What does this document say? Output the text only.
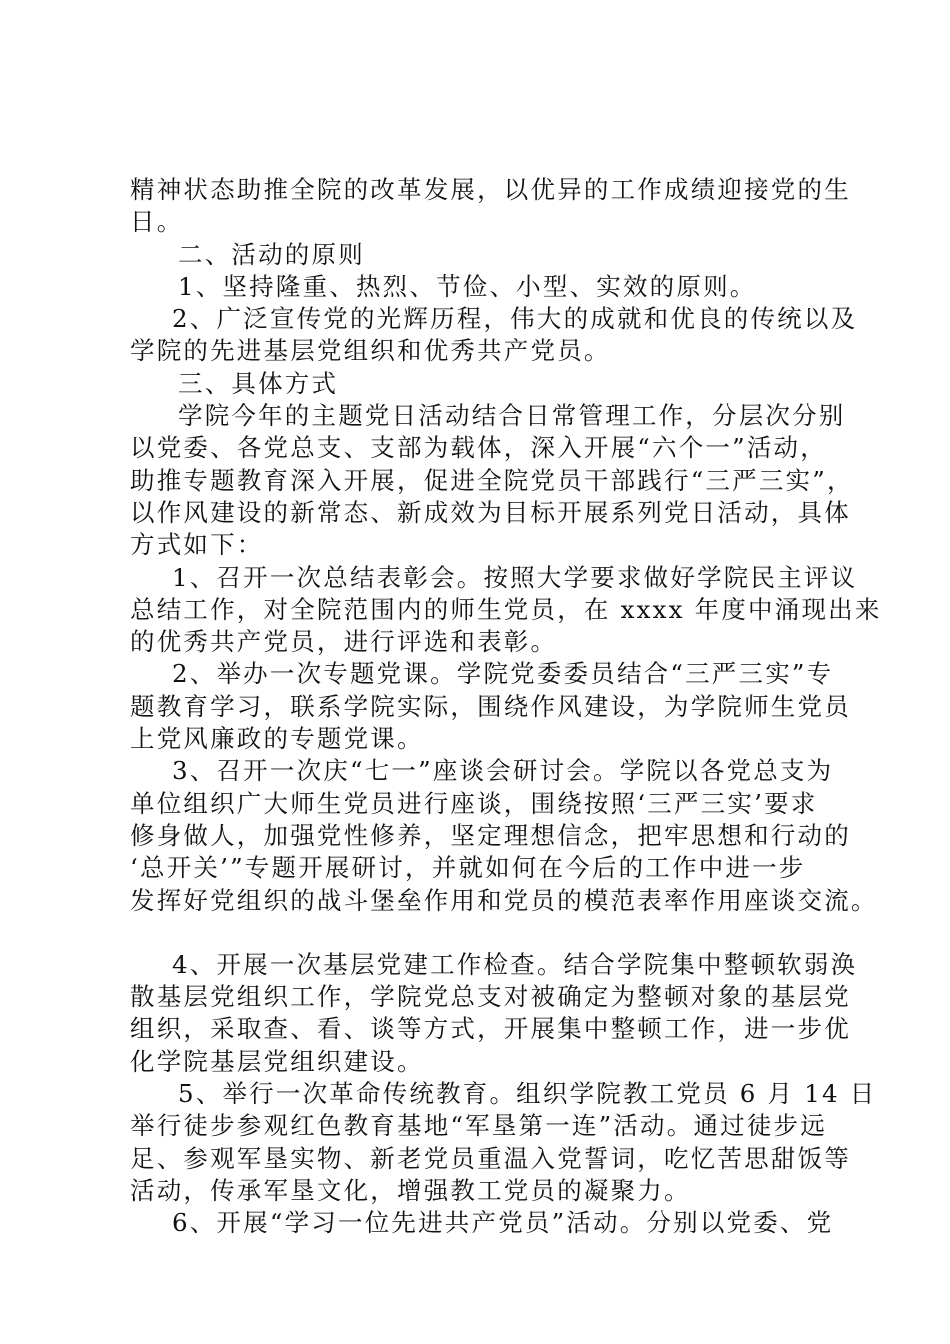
精神状态助推全院的改革发展，以优异的工作成绩迎接党的生
日。
二、活动的原则
1、坚持隆重、热烈、节俭、小型、实效的原则。
2、广泛宣传党的光辉历程，伟大的成就和优良的传统以及
学院的先进基层党组织和优秀共产党员。
三、具体方式
学院今年的主题党日活动结合日常管理工作，分层次分别
以党委、各党总支、支部为载体，深入开展“六个一”活动，
助推专题教育深入开展，促进全院党员干部践行“三严三实”，
以作风建设的新常态、新成效为目标开展系列党日活动，具体
方式如下：
1、召开一次总结表彰会。按照大学要求做好学院民主评议
总结工作，对全院范围内的师生党员，在 xxxx 年度中涌现出来
的优秀共产党员，进行评选和表彰。
2、举办一次专题党课。学院党委委员结合“三严三实”专
题教育学习，联系学院实际，围绕作风建设，为学院师生党员
上党风廉政的专题党课。
3、召开一次庆“七一”座谈会研讨会。学院以各党总支为
单位组织广大师生党员进行座谈，围绕按照‘三严三实’要求
修身做人，加强党性修养，坚定理想信念，把牢思想和行动的
‘总开关’”专题开展研讨，并就如何在今后的工作中进一步
发挥好党组织的战斗堡垒作用和党员的模范表率作用座谈交流。
4、开展一次基层党建工作检查。结合学院集中整顿软弱涣
散基层党组织工作，学院党总支对被确定为整顿对象的基层党
组织，采取查、看、谈等方式，开展集中整顿工作，进一步优
化学院基层党组织建设。
5、举行一次革命传统教育。组织学院教工党员 6 月 14 日
举行徒步参观红色教育基地“军垦第一连”活动。通过徒步远
足、参观军垦实物、新老党员重温入党誓词，吃忆苦思甜饭等
活动，传承军垦文化，增强教工党员的凝聚力。
6、开展“学习一位先进共产党员”活动。分别以党委、党
